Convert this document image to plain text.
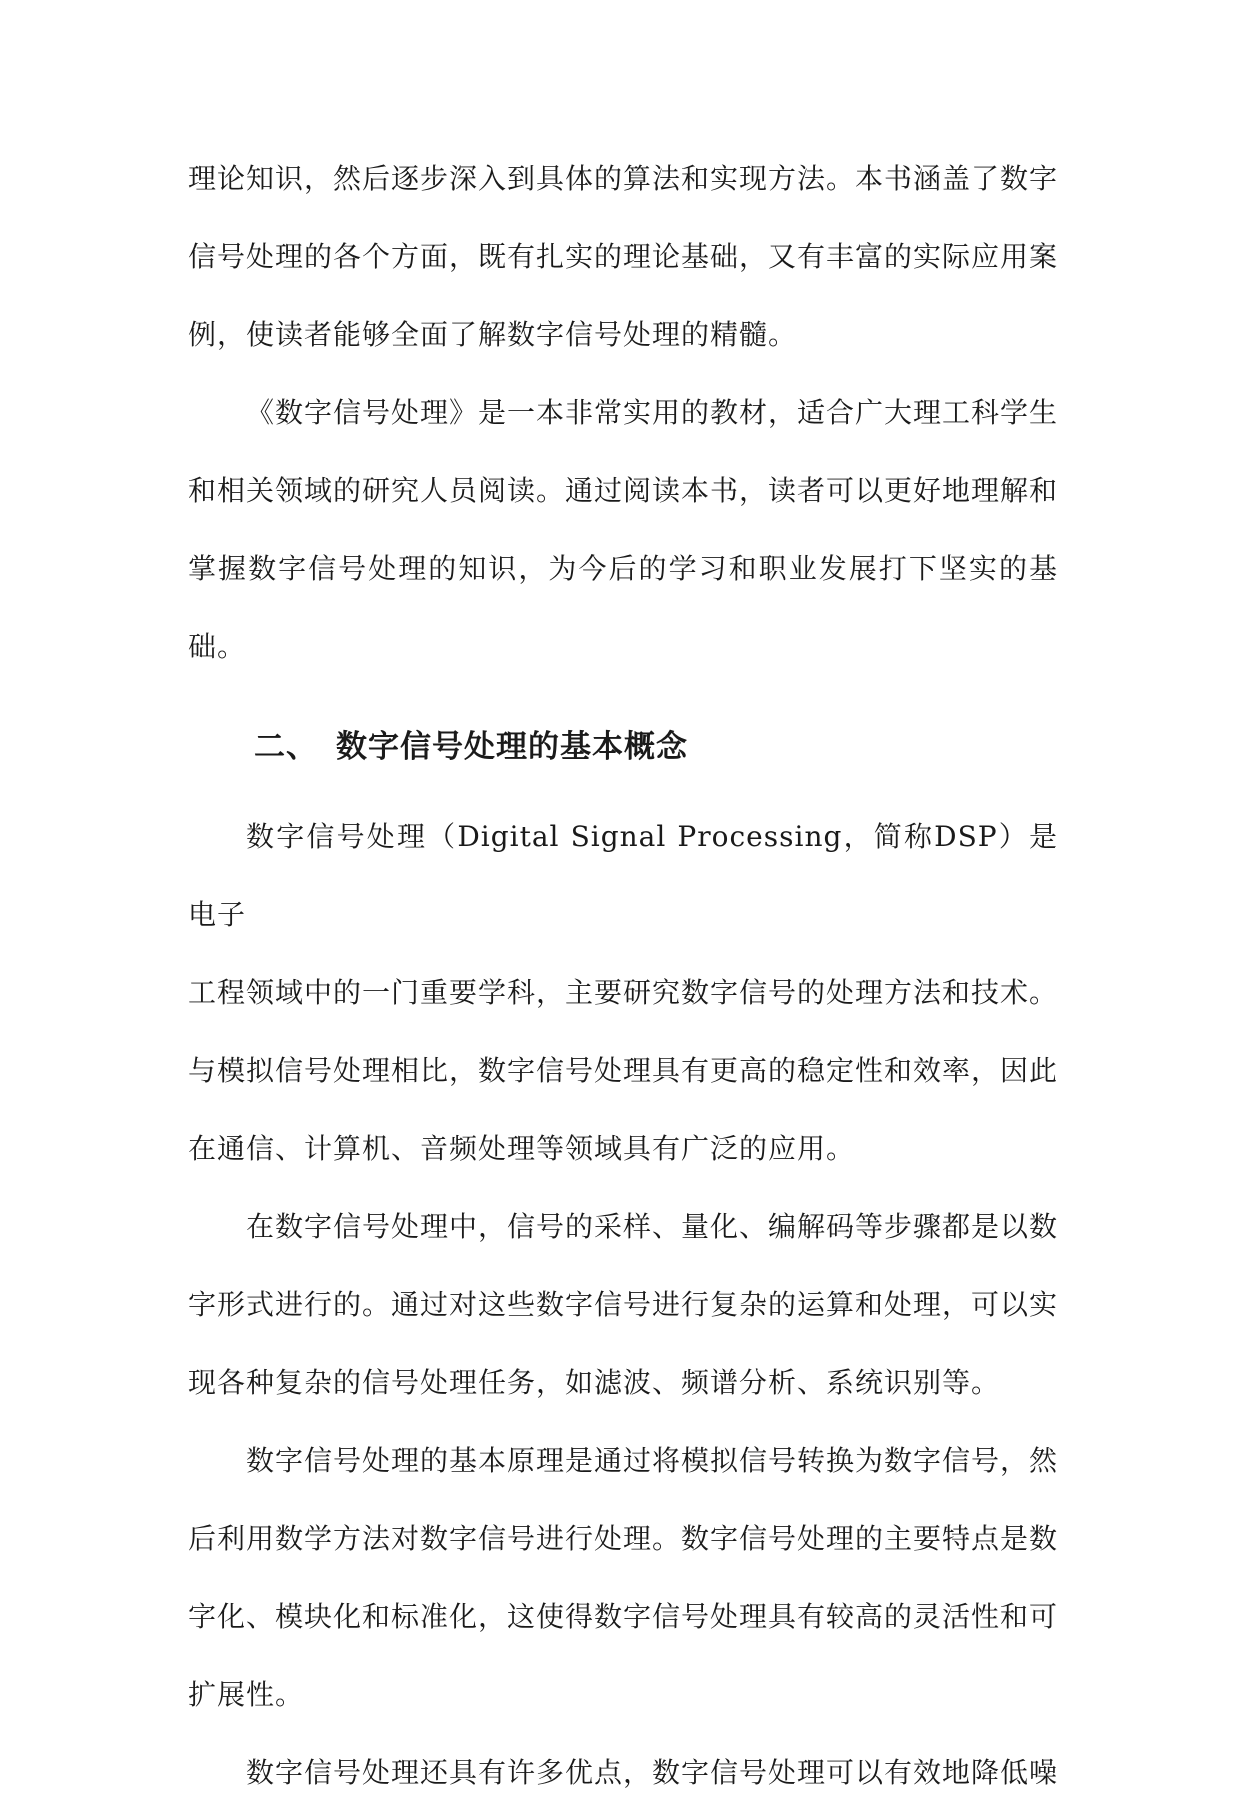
理论知识，然后逐步深入到具体的算法和实现方法。本书涵盖了数字

信号处理的各个方面，既有扎实的理论基础，又有丰富的实际应用案

例，使读者能够全面了解数字信号处理的精髓。

《数字信号处理》是一本非常实用的教材，适合广大理工科学生

和相关领域的研究人员阅读。通过阅读本书，读者可以更好地理解和

掌握数字信号处理的知识，为今后的学习和职业发展打下坚实的基础。

二、 数字信号处理的基本概念

数字信号处理（Digital Signal Processing，简称DSP）是电子

工程领域中的一门重要学科，主要研究数字信号的处理方法和技术。

与模拟信号处理相比，数字信号处理具有更高的稳定性和效率，因此

在通信、计算机、音频处理等领域具有广泛的应用。

在数字信号处理中，信号的采样、量化、编解码等步骤都是以数

字形式进行的。通过对这些数字信号进行复杂的运算和处理，可以实

现各种复杂的信号处理任务，如滤波、频谱分析、系统识别等。

数字信号处理的基本原理是通过将模拟信号转换为数字信号，然

后利用数学方法对数字信号进行处理。数字信号处理的主要特点是数

字化、模块化和标准化，这使得数字信号处理具有较高的灵活性和可

扩展性。

数字信号处理还具有许多优点，数字信号处理可以有效地降低噪
